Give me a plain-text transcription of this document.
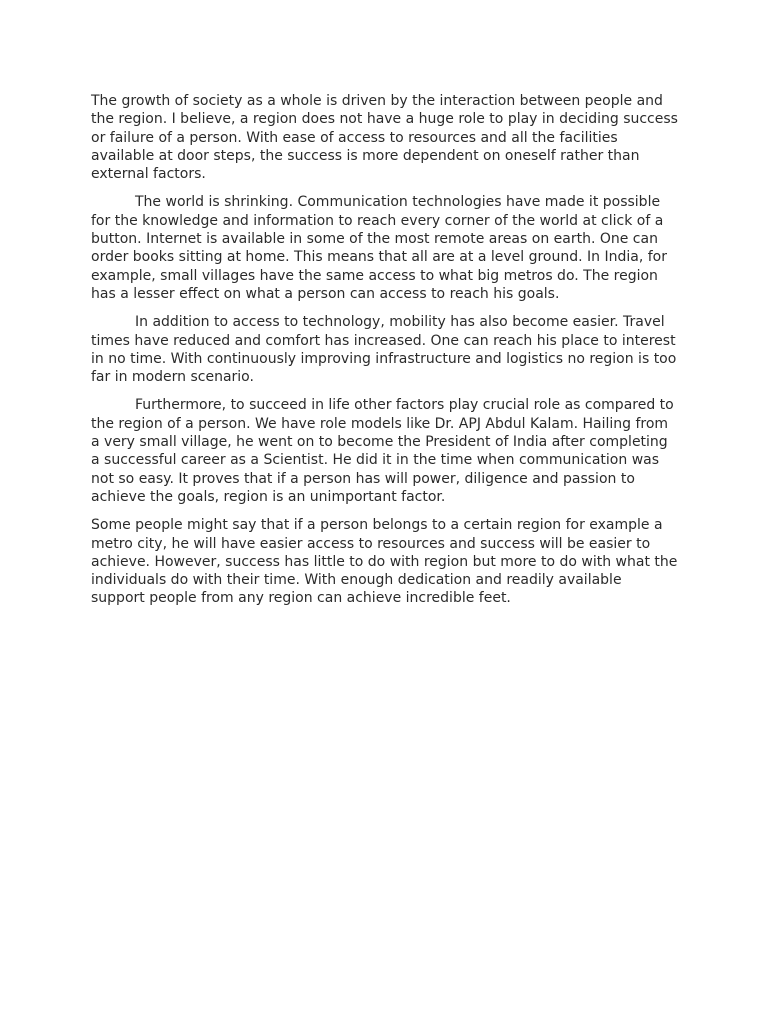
The growth of society as a whole is driven by the interaction between people and the region. I believe, a region does not have a huge role to play in deciding success or failure of a person. With ease of access to resources and all the facilities available at door steps, the success is more dependent on oneself rather than external factors.

The world is shrinking. Communication technologies have made it possible for the knowledge and information to reach every corner of the world at click of a button. Internet is available in some of the most remote areas on earth. One can order books sitting at home. This means that all are at a level ground. In India, for example, small villages have the same access to what big metros do. The region has a lesser effect on what a person can access to reach his goals.

In addition to access to technology, mobility has also become easier. Travel times have reduced and comfort has increased. One can reach his place to interest in no time. With continuously improving infrastructure and logistics no region is too far in modern scenario.

Furthermore, to succeed in life other factors play crucial role as compared to the region of a person. We have role models like Dr. APJ Abdul Kalam. Hailing from a very small village, he went on to become the President of India after completing a successful career as a Scientist. He did it in the time when communication was not so easy. It proves that if a person has will power, diligence and passion to achieve the goals, region is an unimportant factor.

Some people might say that if a person belongs to a certain region for example a metro city, he will have easier access to resources and success will be easier to achieve. However, success has little to do with region but more to do with what the individuals do with their time. With enough dedication and readily available support people from any region can achieve incredible feet.
